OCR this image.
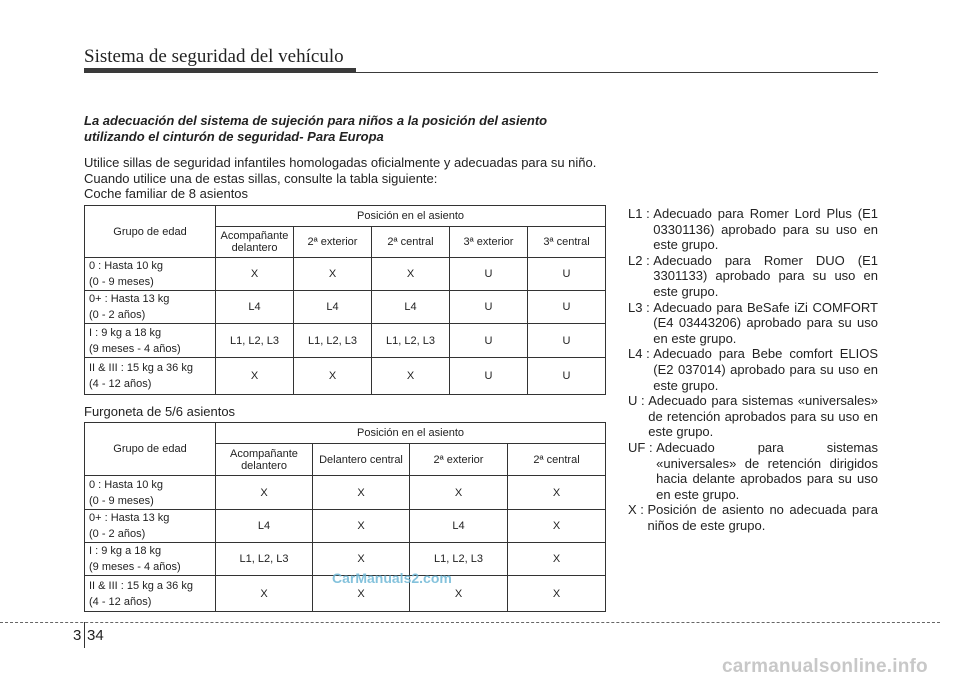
Sistema de seguridad del vehículo
La adecuación del sistema de sujeción para niños a la posición del asiento
utilizando el cinturón de seguridad- Para Europa
Utilice sillas de seguridad infantiles homologadas oficialmente y adecuadas para su niño. Cuando utilice una de estas sillas, consulte la tabla siguiente:
Coche familiar de 8 asientos
Grupo de edad	Posición en el asiento				
	Acompañante delantero	2ª exterior	2ª central	3ª exterior	3ª central

0 : Hasta 10 kg
(0 - 9 meses)	X	X	X	U	U

0+ : Hasta 13 kg
(0 - 2 años)	L4	L4	L4	U	U

I : 9 kg a 18 kg
(9 meses - 4 años)	L1, L2, L3	L1, L2, L3	L1, L2, L3	U	U

II & III : 15 kg a 36 kg
(4 - 12 años)	X	X	X	U	U
Furgoneta de 5/6 asientos
Grupo de edad	Posición en el asiento			
	Acompañante delantero	Delantero central	2ª exterior	2ª central

0 : Hasta 10 kg
(0 - 9 meses)	X	X	X	X

0+ : Hasta 13 kg
(0 - 2 años)	L4	X	L4	X

I : 9 kg a 18 kg
(9 meses - 4 años)	L1, L2, L3	X	L1, L2, L3	X

II & III : 15 kg a 36 kg
(4 - 12 años)	X	X	X	X
CarManuals2.com
L1 : Adecuado para Romer Lord Plus (E1 03301136) aprobado para su uso en este grupo.
L2 : Adecuado para Romer DUO (E1 3301133) aprobado para su uso en este grupo.
L3 : Adecuado para BeSafe iZi COMFORT (E4 03443206) aprobado para su uso en este grupo.
L4 : Adecuado para Bebe comfort ELIOS (E2 037014) aprobado para su uso en este grupo.
U : Adecuado para sistemas «universales» de retención aprobados para su uso en este grupo.
UF : Adecuado para sistemas «universales» de retención dirigidos hacia delante aprobados para su uso en este grupo.
X : Posición de asiento no adecuada para niños de este grupo.
3 34
carmanualsonline.info
